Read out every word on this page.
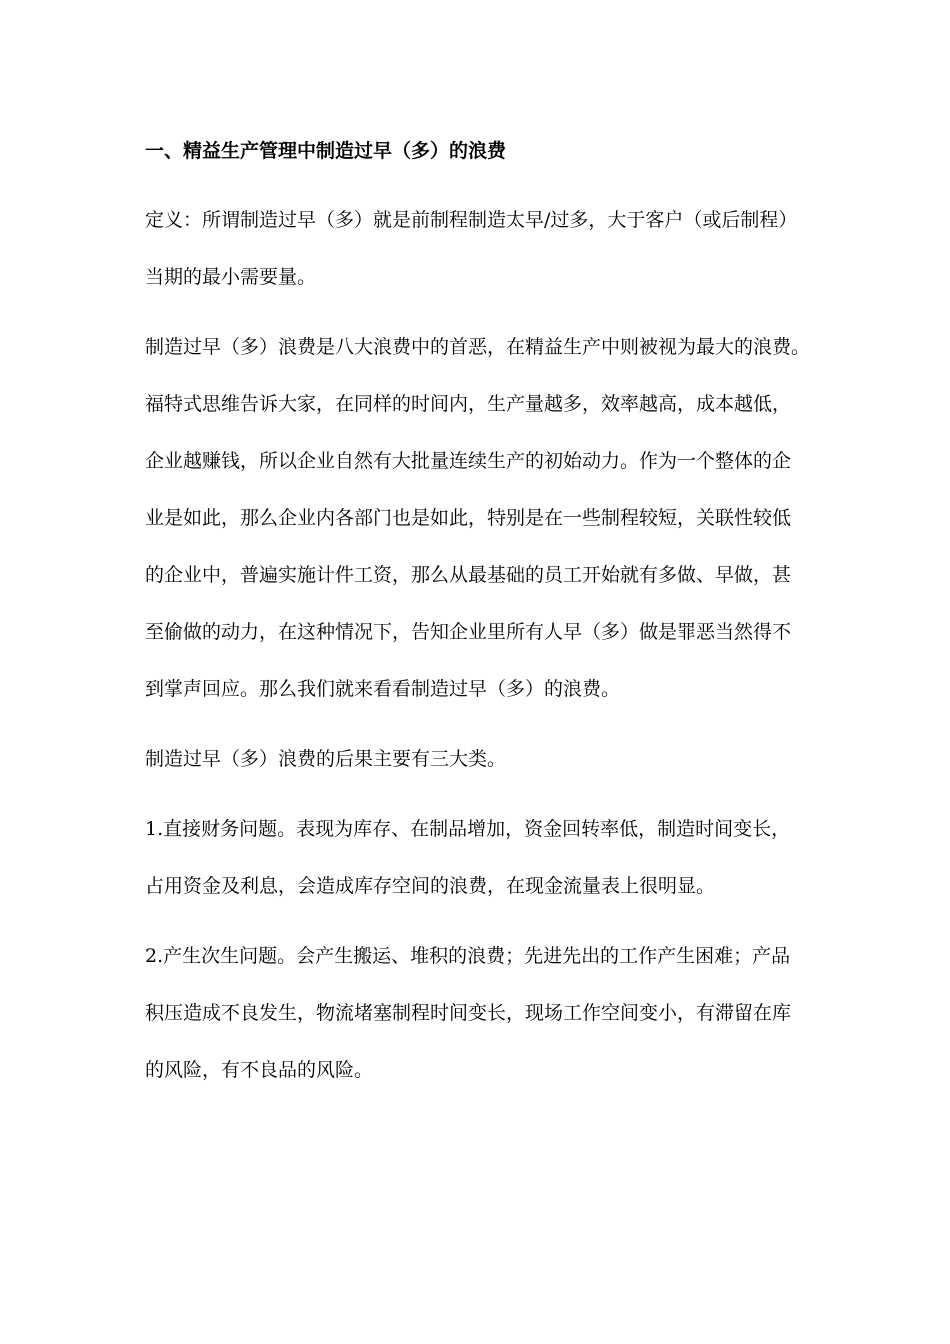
一、精益生产管理中制造过早（多）的浪费
定义：所谓制造过早（多）就是前制程制造太早/过多，大于客户（或后制程）
当期的最小需要量。
制造过早（多）浪费是八大浪费中的首恶，在精益生产中则被视为最大的浪费。
福特式思维告诉大家，在同样的时间内，生产量越多，效率越高，成本越低，
企业越赚钱，所以企业自然有大批量连续生产的初始动力。作为一个整体的企
业是如此，那么企业内各部门也是如此，特别是在一些制程较短，关联性较低
的企业中，普遍实施计件工资，那么从最基础的员工开始就有多做、早做，甚
至偷做的动力，在这种情况下，告知企业里所有人早（多）做是罪恶当然得不
到掌声回应。那么我们就来看看制造过早（多）的浪费。
制造过早（多）浪费的后果主要有三大类。
1.直接财务问题。表现为库存、在制品增加，资金回转率低，制造时间变长，
占用资金及利息，会造成库存空间的浪费，在现金流量表上很明显。
2.产生次生问题。会产生搬运、堆积的浪费；先进先出的工作产生困难；产品
积压造成不良发生，物流堵塞制程时间变长，现场工作空间变小，有滞留在库
的风险，有不良品的风险。
